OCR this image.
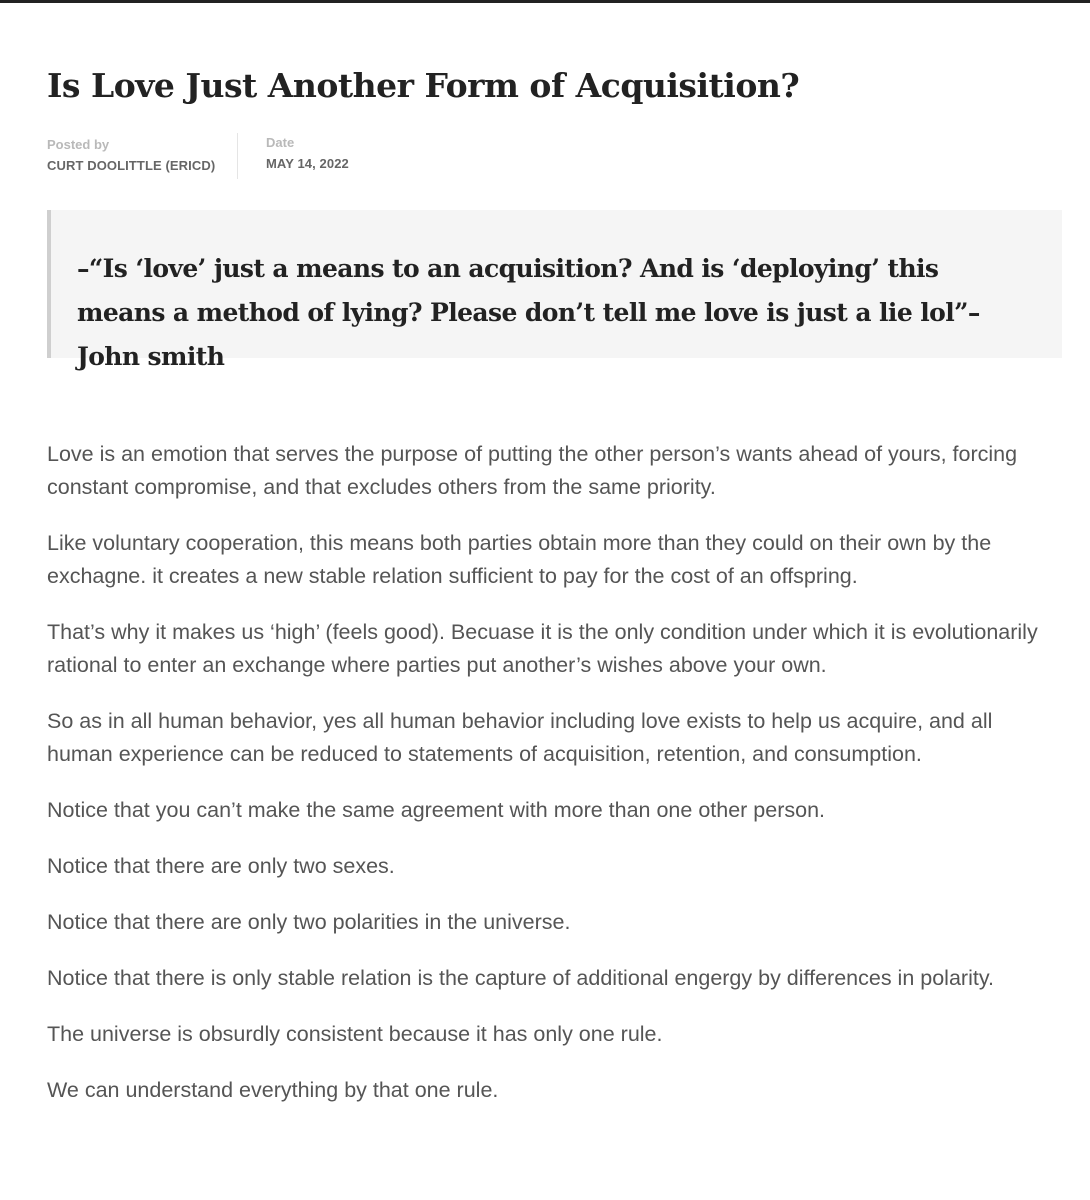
Is Love Just Another Form of Acquisition?
Posted by
CURT DOOLITTLE (ERICD)
Date
MAY 14, 2022

–“Is ‘love’ just a means to an acquisition? And is ‘deploying’ this means a method of lying? Please don’t tell me love is just a lie lol”–John smith

Love is an emotion that serves the purpose of putting the other person’s wants ahead of yours, forcing constant compromise, and that excludes others from the same priority.

Like voluntary cooperation, this means both parties obtain more than they could on their own by the exchagne. it creates a new stable relation sufficient to pay for the cost of an offspring.

That’s why it makes us ‘high’ (feels good). Becuase it is the only condition under which it is evolutionarily rational to enter an exchange where parties put another’s wishes above your own.

So as in all human behavior, yes all human behavior including love exists to help us acquire, and all human experience can be reduced to statements of acquisition, retention, and consumption.

Notice that you can’t make the same agreement with more than one other person.

Notice that there are only two sexes.

Notice that there are only two polarities in the universe.

Notice that there is only stable relation is the capture of additional engergy by differences in polarity.

The universe is obsurdly consistent because it has only one rule.

We can understand everything by that one rule.
